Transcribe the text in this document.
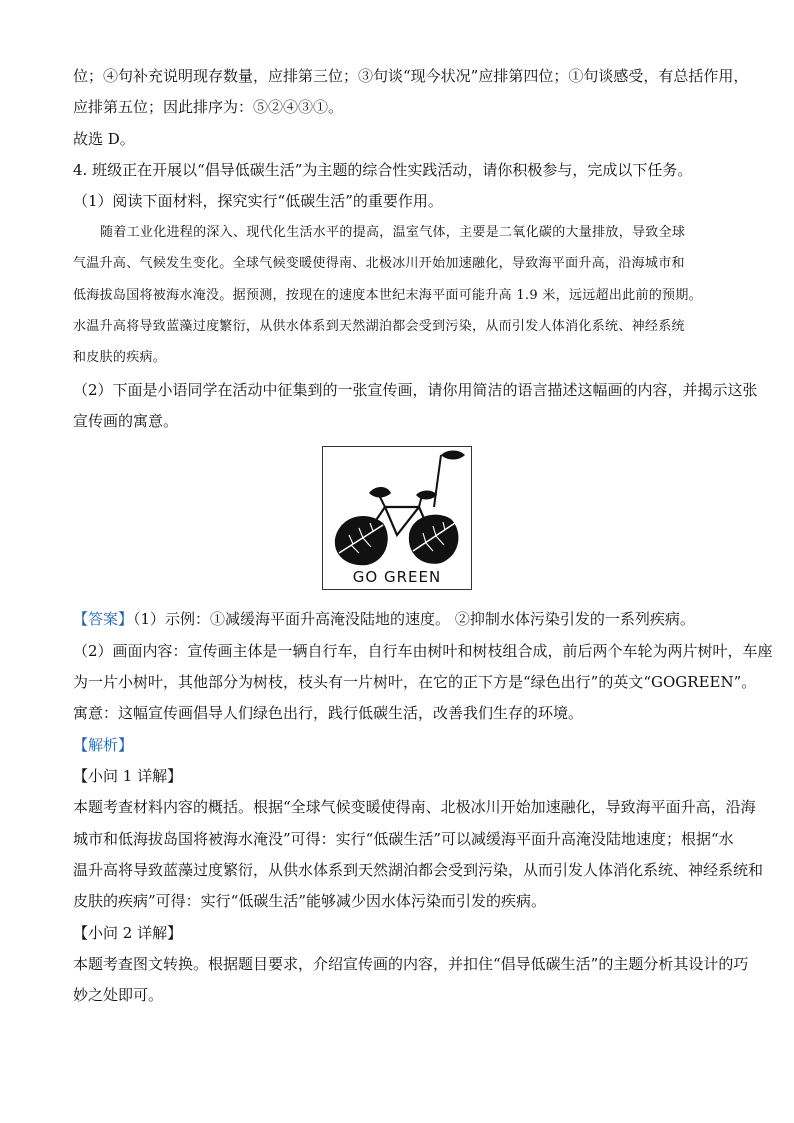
位；④句补充说明现存数量，应排第三位；③句谈“现今状况”应排第四位；①句谈感受，有总括作用，
应排第五位；因此排序为：⑤②④③①。
故选 D。
4. 班级正在开展以“倡导低碳生活”为主题的综合性实践活动，请你积极参与，完成以下任务。
（1）阅读下面材料，探究实行“低碳生活”的重要作用。
随着工业化进程的深入、现代化生活水平的提高，温室气体，主要是二氧化碳的大量排放，导致全球
气温升高、气候发生变化。全球气候变暖使得南、北极冰川开始加速融化，导致海平面升高，沿海城市和
低海拔岛国将被海水淹没。据预测，按现在的速度本世纪末海平面可能升高 1.9 米，远远超出此前的预期。
水温升高将导致蓝藻过度繁衍，从供水体系到天然湖泊都会受到污染，从而引发人体消化系统、神经系统
和皮肤的疾病。
（2）下面是小语同学在活动中征集到的一张宣传画，请你用简洁的语言描述这幅画的内容，并揭示这张
宣传画的寓意。
GO GREEN
【答案】（1）示例：①减缓海平面升高淹没陆地的速度。 ②抑制水体污染引发的一系列疾病。
（2）画面内容：宣传画主体是一辆自行车，自行车由树叶和树枝组合成，前后两个车轮为两片树叶，车座
为一片小树叶，其他部分为树枝，枝头有一片树叶，在它的正下方是“绿色出行”的英文“GOGREEN”。
寓意：这幅宣传画倡导人们绿色出行，践行低碳生活，改善我们生存的环境。
【解析】
【小问 1 详解】
本题考查材料内容的概括。根据“全球气候变暖使得南、北极冰川开始加速融化，导致海平面升高，沿海
城市和低海拔岛国将被海水淹没”可得：实行“低碳生活”可以减缓海平面升高淹没陆地速度；根据“水
温升高将导致蓝藻过度繁衍，从供水体系到天然湖泊都会受到污染，从而引发人体消化系统、神经系统和
皮肤的疾病”可得：实行“低碳生活”能够减少因水体污染而引发的疾病。
【小问 2 详解】
本题考查图文转换。根据题目要求，介绍宣传画的内容，并扣住“倡导低碳生活”的主题分析其设计的巧
妙之处即可。
